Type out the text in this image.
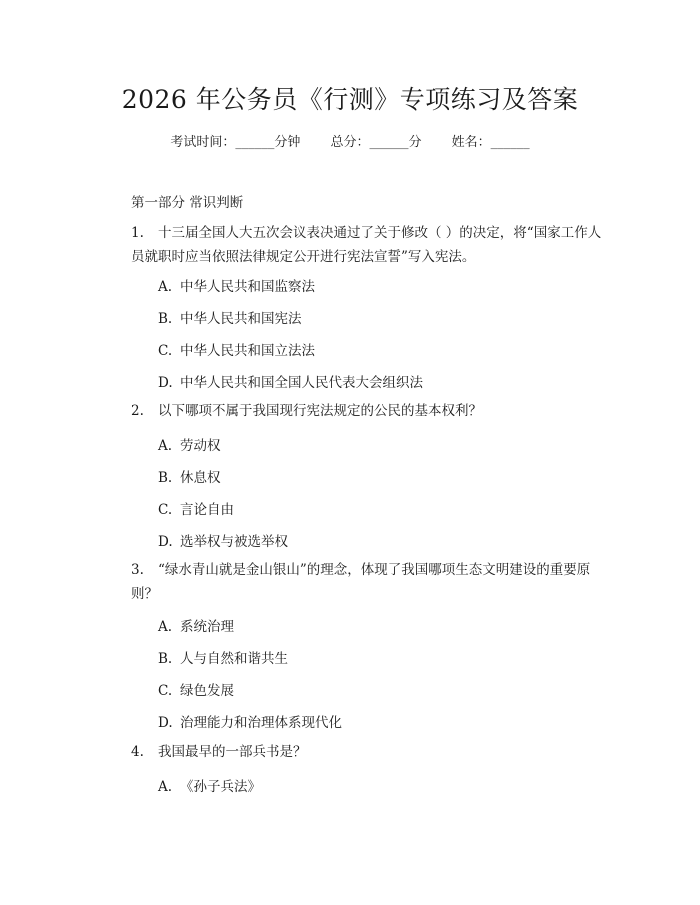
2026 年公务员《行测》专项练习及答案
考试时间：______分钟 总分：______分 姓名：______
第一部分 常识判断
1. 十三届全国人大五次会议表决通过了关于修改（ ）的决定，将“国家工作人员就职时应当依照法律规定公开进行宪法宣誓”写入宪法。
A. 中华人民共和国监察法
B. 中华人民共和国宪法
C. 中华人民共和国立法法
D. 中华人民共和国全国人民代表大会组织法
2. 以下哪项不属于我国现行宪法规定的公民的基本权利？
A. 劳动权
B. 休息权
C. 言论自由
D. 选举权与被选举权
3. “绿水青山就是金山银山”的理念，体现了我国哪项生态文明建设的重要原则？
A. 系统治理
B. 人与自然和谐共生
C. 绿色发展
D. 治理能力和治理体系现代化
4. 我国最早的一部兵书是？
A. 《孙子兵法》
